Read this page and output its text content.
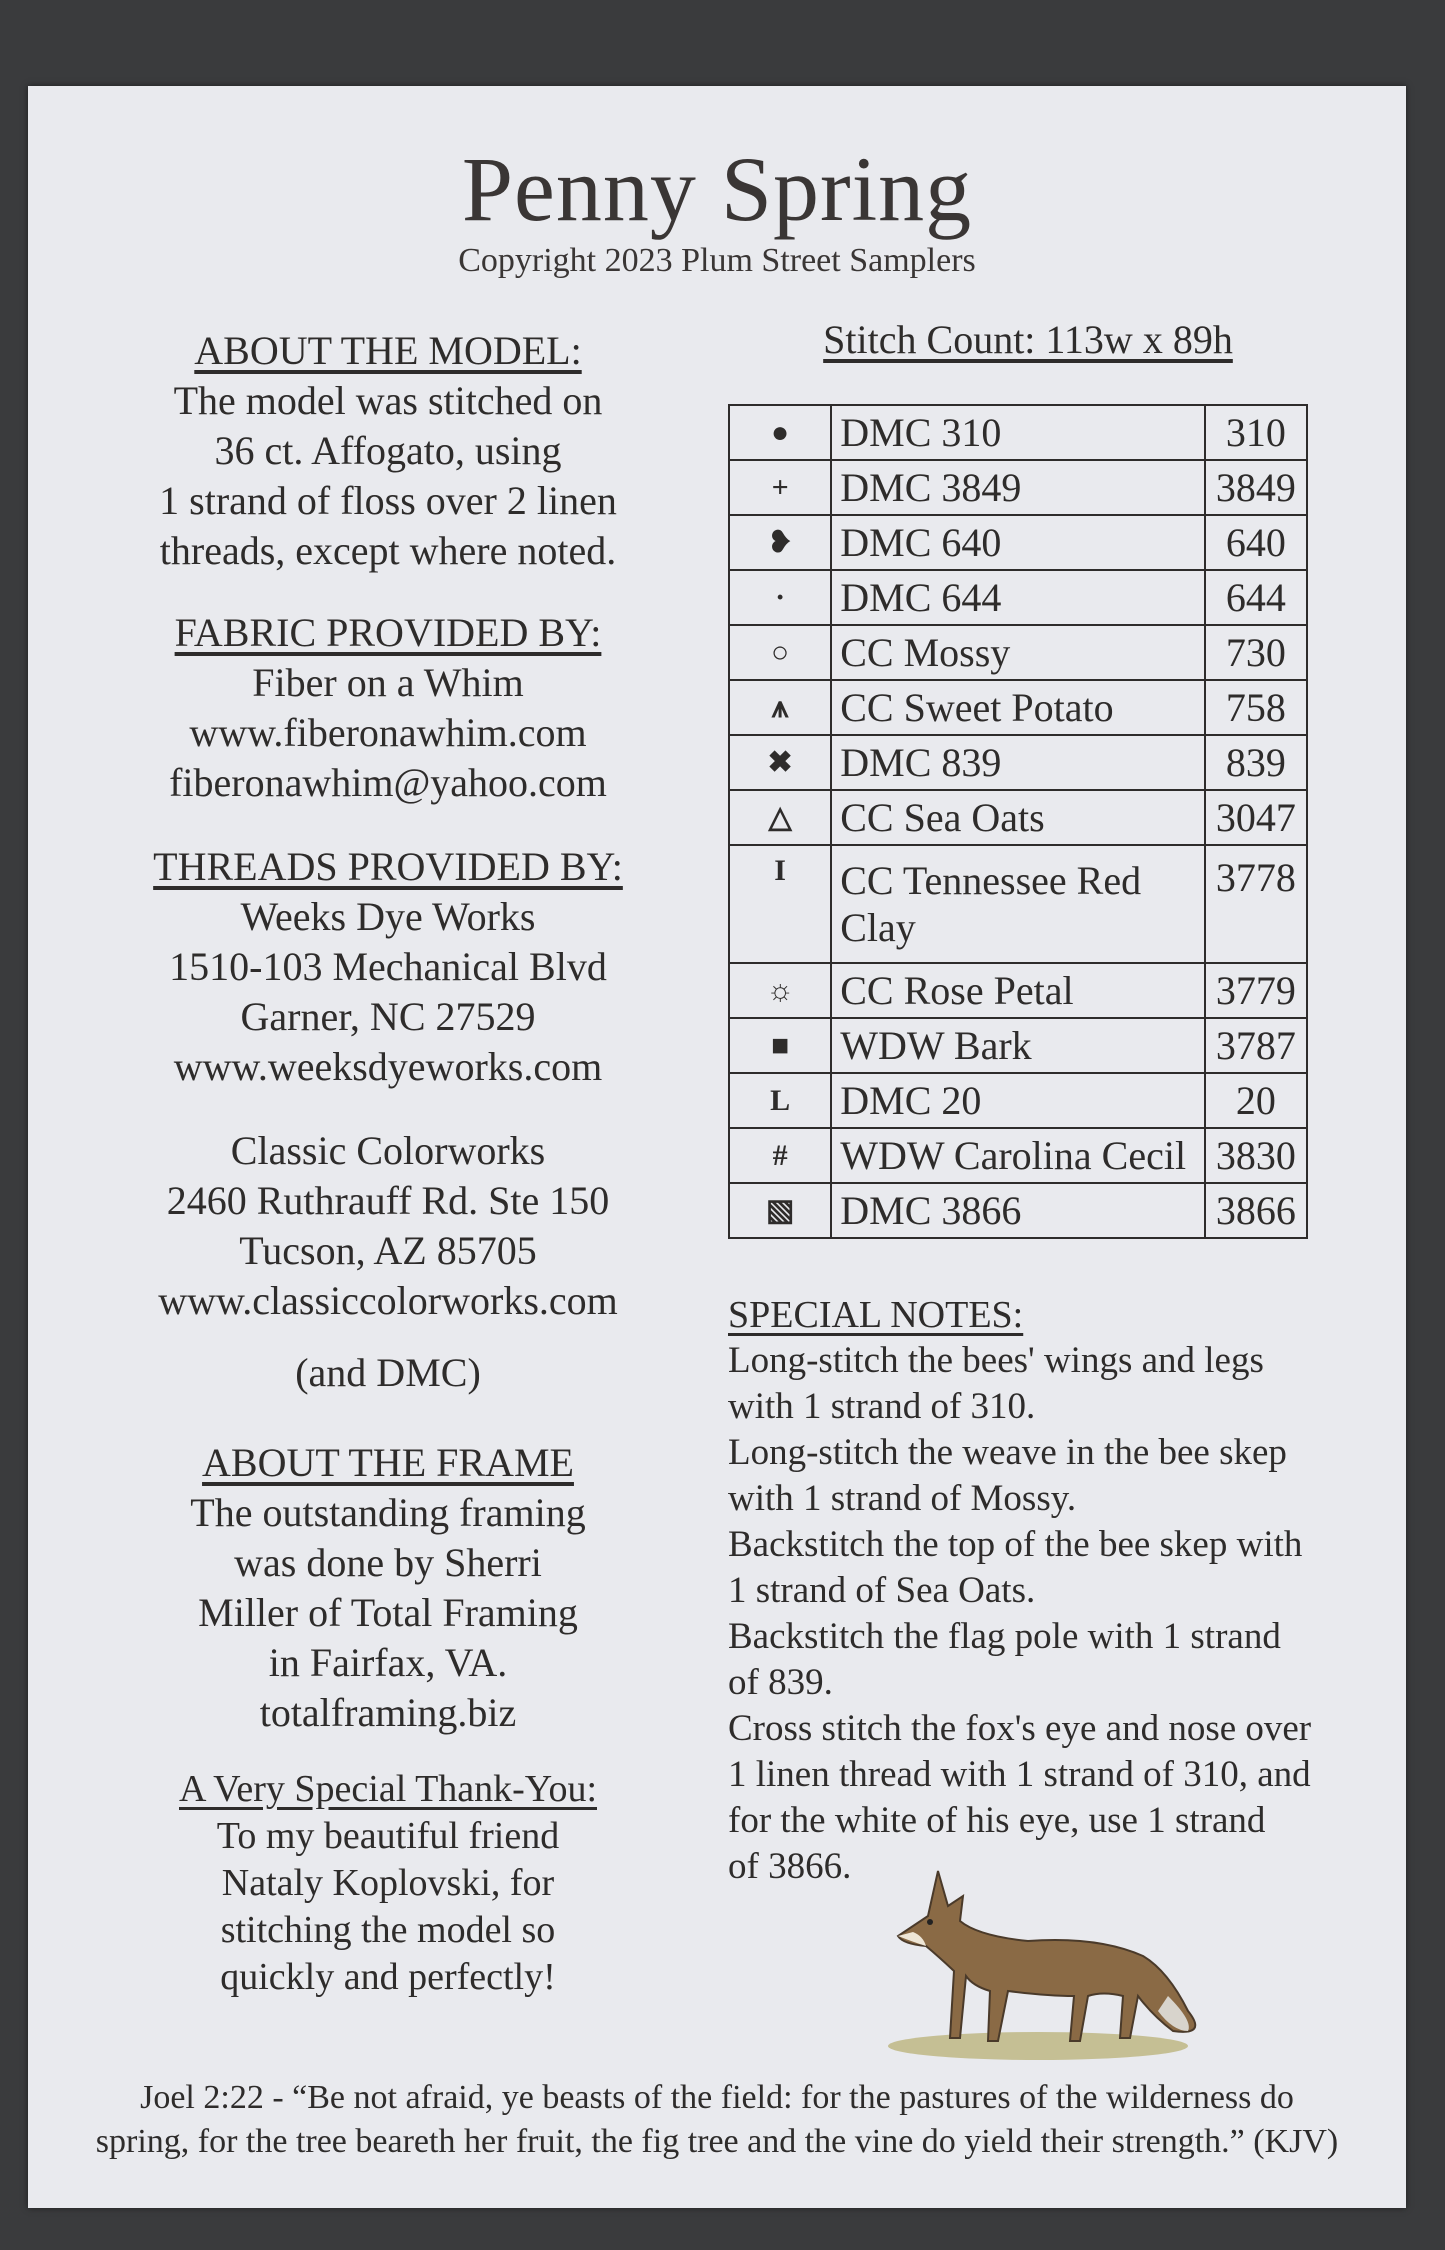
Penny Spring
Copyright 2023 Plum Street Samplers
ABOUT THE MODEL:
The model was stitched on
36 ct. Affogato, using
1 strand of floss over 2 linen
threads, except where noted.
FABRIC PROVIDED BY:
Fiber on a Whim
www.fiberonawhim.com
fiberonawhim@yahoo.com
THREADS PROVIDED BY:
Weeks Dye Works
1510-103 Mechanical Blvd
Garner, NC 27529
www.weeksdyeworks.com
Classic Colorworks
2460 Ruthrauff Rd. Ste 150
Tucson, AZ 85705
www.classiccolorworks.com
(and DMC)
ABOUT THE FRAME
The outstanding framing
was done by Sherri
Miller of Total Framing
in Fairfax, VA.
totalframing.biz
A Very Special Thank-You:
To my beautiful friend
Nataly Koplovski, for
stitching the model so
quickly and perfectly!
Stitch Count: 113w x 89h
●	DMC 310	310
+	DMC 3849	3849
❥	DMC 640	640
·	DMC 644	644
○	CC Mossy	730
⩚	CC Sweet Potato	758
✖	DMC 839	839
△	CC Sea Oats	3047
I	CC Tennessee Red Clay	3778
☼	CC Rose Petal	3779
■	WDW Bark	3787
L	DMC 20	20
#	WDW Carolina Cecil	3830
▧	DMC 3866	3866
SPECIAL NOTES:
Long-stitch the bees' wings and legs
with 1 strand of 310.
Long-stitch the weave in the bee skep
with 1 strand of Mossy.
Backstitch the top of the bee skep with
1 strand of Sea Oats.
Backstitch the flag pole with 1 strand
of 839.
Cross stitch the fox's eye and nose over
1 linen thread with 1 strand of 310, and
for the white of his eye, use 1 strand
of 3866.
Joel 2:22 - “Be not afraid, ye beasts of the field: for the pastures of the wilderness do
spring, for the tree beareth her fruit, the fig tree and the vine do yield their strength.” (KJV)
